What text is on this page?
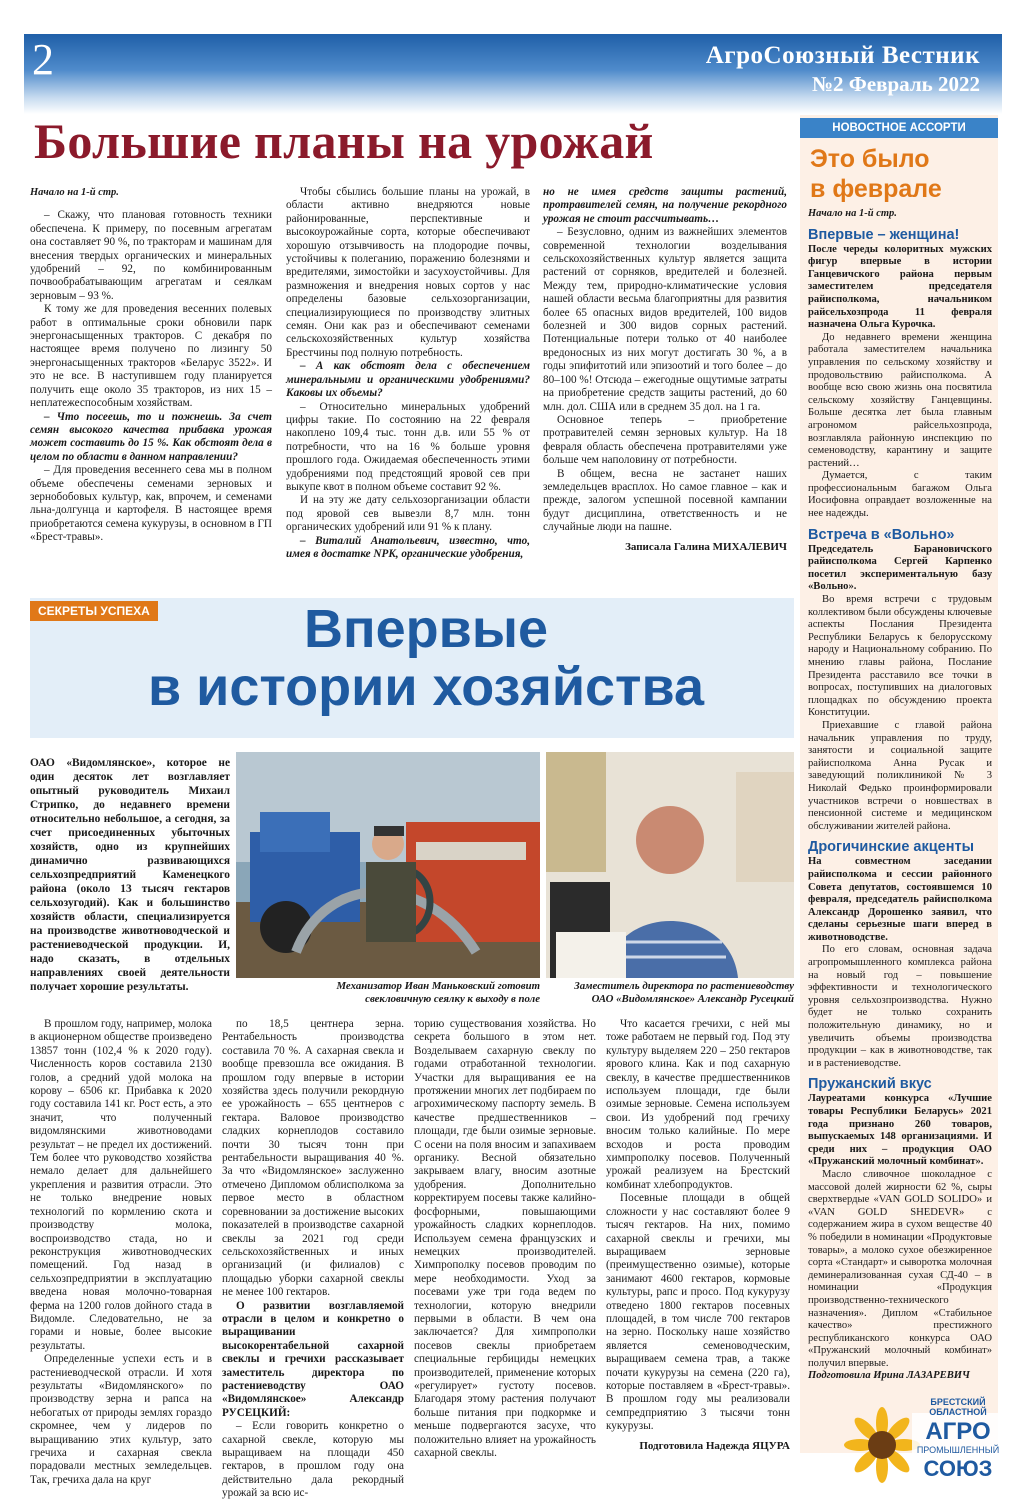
2	АгроСоюзный Вестник
№2 Февраль 2022
Большие планы на урожай

Начало на 1-й стр.

– Скажу, что плановая готовность техники обеспечена. К примеру, по посевным агрегатам она составляет 90 %, по тракторам и машинам для внесения твердых органических и минеральных удобрений – 92, по комбинированным почвообрабатывающим агрегатам и сеялкам зерновым – 93 %.

К тому же для проведения весенних полевых работ в оптимальные сроки обновили парк энергонасыщенных тракторов. С декабря по настоящее время получено по лизингу 50 энергонасыщенных тракторов «Беларус 3522». И это не все. В наступившем году планируется получить еще около 35 тракторов, из них 15 – неплатежеспособным хозяйствам.

– Что посеешь, то и пожнешь. За счет семян высокого качества прибавка урожая может составить до 15 %. Как обстоят дела в целом по области в данном направлении?

– Для проведения весеннего сева мы в полном объеме обеспечены семенами зерновых и зернобобовых культур, как, впрочем, и семенами льна-долгунца и картофеля. В настоящее время приобретаются семена кукурузы, в основном в ГП «Брест-травы».

Чтобы сбылись большие планы на урожай, в области активно внедряются новые районированные, перспективные и высокоурожайные сорта, которые обеспечивают хорошую отзывчивость на плодородие почвы, устойчивы к полеганию, поражению болезнями и вредителями, зимостойки и засухоустойчивы. Для размножения и внедрения новых сортов у нас определены базовые сельхозорганизации, специализирующиеся по производству элитных семян. Они как раз и обеспечивают семенами сельскохозяйственных культур хозяйства Брестчины под полную потребность.

– А как обстоят дела с обеспечением минеральными и органическими удобрениями? Каковы их объемы?

– Относительно минеральных удобрений цифры такие. По состоянию на 22 февраля накоплено 109,4 тыс. тонн д.в. или 55 % от потребности, что на 16 % больше уровня прошлого года. Ожидаемая обеспеченность этими удобрениями под предстоящий яровой сев при выкупе квот в полном объеме составит 92 %.

И на эту же дату сельхозорганизации области под яровой сев вывезли 8,7 млн. тонн органических удобрений или 91 % к плану.

– Виталий Анатольевич, известно, что, имея в достатке NPK, органические удобрения,

но не имея средств защиты растений, протравителей семян, на получение рекордного урожая не стоит рассчитывать…

– Безусловно, одним из важнейших элементов современной технологии возделывания сельскохозяйственных культур является защита растений от сорняков, вредителей и болезней. Между тем, природно-климатические условия нашей области весьма благоприятны для развития более 65 опасных видов вредителей, 100 видов болезней и 300 видов сорных растений. Потенциальные потери только от 40 наиболее вредоносных из них могут достигать 30 %, а в годы эпифитотий или эпизоотий и того более – до 80–100 %! Отсюда – ежегодные ощутимые затраты на приобретение средств защиты растений, до 60 млн. дол. США или в среднем 35 дол. на 1 га.

Основное теперь – приобретение протравителей семян зерновых культур. На 18 февраля область обеспечена протравителями уже больше чем наполовину от потребности.

В общем, весна не застанет наших земледельцев врасплох. Но самое главное – как и прежде, залогом успешной посевной кампании будут дисциплина, ответственность и не случайные люди на пашне.

Записала Галина МИХАЛЕВИЧ
НОВОСТНОЕ АССОРТИ
Это было
в феврале

Начало на 1-й стр.

Впервые – женщина!

После череды колоритных мужских фигур впервые в истории Ганцевичского района первым заместителем председателя райисполкома, начальником райсельхозпрода 11 февраля назначена Ольга Курочка.

До недавнего времени женщина работала заместителем начальника управления по сельскому хозяйству и продовольствию райисполкома. А вообще всю свою жизнь она посвятила сельскому хозяйству Ганцевщины. Больше десятка лет была главным агрономом райсельхозпрода, возглавляла районную инспекцию по семеноводству, карантину и защите растений…

Думается, с таким профессиональным багажом Ольга Иосифовна оправдает возложенные на нее надежды.

Встреча в «Вольно»

Председатель Барановичского райисполкома Сергей Карпенко посетил экспериментальную базу «Вольно».

Во время встречи с трудовым коллективом были обсуждены ключевые аспекты Послания Президента Республики Беларусь к белорусскому народу и Национальному собранию. По мнению главы района, Послание Президента расставило все точки в вопросах, поступивших на диалоговых площадках по обсуждению проекта Конституции.

Приехавшие с главой района начальник управления по труду, занятости и социальной защите райисполкома Анна Русак и заведующий поликлиникой № 3 Николай Федько проинформировали участников встречи о новшествах в пенсионной системе и медицинском обслуживании жителей района.

Дрогичинские акценты

На совместном заседании райисполкома и сессии районного Совета депутатов, состоявшемся 10 февраля, председатель райисполкома Александр Дорошенко заявил, что сделаны серьезные шаги вперед в животноводстве.

По его словам, основная задача агропромышленного комплекса района на новый год – повышение эффективности и технологического уровня сельхозпроизводства. Нужно будет не только сохранить положительную динамику, но и увеличить объемы производства продукции – как в животноводстве, так и в растениеводстве.

Пружанский вкус

Лауреатами конкурса «Лучшие товары Республики Беларусь» 2021 года признано 260 товаров, выпускаемых 148 организациями. И среди них – продукция ОАО «Пружанский молочный комбинат».

Масло сливочное шоколадное с массовой долей жирности 62 %, сыры сверхтвердые «VAN GOLD SOLIDO» и «VAN GOLD SHEDEVR» с содержанием жира в сухом веществе 40 % победили в номинации «Продуктовые товары», а молоко сухое обезжиренное сорта «Стандарт» и сыворотка молочная деминерализованная сухая СД-40 – в номинации «Продукция производственно-технического назначения». Диплом «Стабильное качество» престижного республиканского конкурса ОАО «Пружанский молочный комбинат» получил впервые.

Подготовила Ирина ЛАЗАРЕВИЧ

СЕКРЕТЫ УСПЕХА	Впервые
в истории хозяйства

ОАО «Видомлянское», которое не один десяток лет возглавляет опытный руководитель Михаил Стрипко, до недавнего времени относительно небольшое, а сегодня, за счет присоединенных убыточных хозяйств, одно из крупнейших динамично развивающихся сельхозпредприятий Каменецкого района (около 13 тысяч гектаров сельхозугодий). Как и большинство хозяйств области, специализируется на производстве животноводческой и растениеводческой продукции. И, надо сказать, в отдельных направлениях своей деятельности получает хорошие результаты.	Механизатор Иван Маньковский готовит
свекловичную сеялку к выходу в поле
Заместитель директора по растениеводству
ОАО «Видомлянское» Александр Русецкий

В прошлом году, например, молока в акционерном обществе произведено 13857 тонн (102,4 % к 2020 году). Численность коров составила 2130 голов, а средний удой молока на корову – 6506 кг. Прибавка к 2020 году составила 141 кг. Рост есть, а это значит, что полученный видомлянскими животноводами результат – не предел их достижений. Тем более что руководство хозяйства немало делает для дальнейшего укрепления и развития отрасли. Это не только внедрение новых технологий по кормлению скота и производству молока, воспроизводство стада, но и реконструкция животноводческих помещений. Год назад в сельхозпредприятии в эксплуатацию введена новая молочно-товарная ферма на 1200 голов дойного стада в Видомле. Следовательно, не за горами и новые, более высокие результаты.

Определенные успехи есть и в растениеводческой отрасли. И хотя результаты «Видомлянского» по производству зерна и рапса на небогатых от природы землях гораздо скромнее, чем у лидеров по выращиванию этих культур, зато гречиха и сахарная свекла порадовали местных земледельцев. Так, гречиха дала на круг

по 18,5 центнера зерна. Рентабельность производства составила 70 %. А сахарная свекла и вообще превзошла все ожидания. В прошлом году впервые в истории хозяйства здесь получили рекордную ее урожайность – 655 центнеров с гектара. Валовое производство сладких корнеплодов составило почти 30 тысяч тонн при рентабельности выращивания 40 %. За что «Видомлянское» заслуженно отмечено Дипломом облисполкома за первое место в областном соревновании за достижение высоких показателей в производстве сахарной свеклы за 2021 год среди сельскохозяйственных и иных организаций (и филиалов) с площадью уборки сахарной свеклы не менее 100 гектаров.

О развитии возглавляемой отрасли в целом и конкретно о выращивании высокорентабельной сахарной свеклы и гречихи рассказывает заместитель директора по растениеводству ОАО «Видомлянское» Александр РУСЕЦКИЙ:

– Если говорить конкретно о сахарной свекле, которую мы выращиваем на площади 450 гектаров, в прошлом году она действительно дала рекордный урожай за всю ис-

торию существования хозяйства. Но секрета большого в этом нет. Возделываем сахарную свеклу по годами отработанной технологии. Участки для выращивания ее на протяжении многих лет подбираем по агрохимическому паспорту земель. В качестве предшественников – площади, где были озимые зерновые. С осени на поля вносим и запахиваем органику. Весной обязательно закрываем влагу, вносим азотные удобрения. Дополнительно корректируем посевы также калийно-фосфорными, повышающими урожайность сладких корнеплодов. Используем семена французских и немецких производителей. Химпрополку посевов проводим по мере необходимости. Уход за посевами уже три года ведем по технологии, которую внедрили первыми в области. В чем она заключается? Для химпрополки посевов свеклы приобретаем специальные гербициды немецких производителей, применение которых «регулирует» густоту посевов. Благодаря этому растения получают больше питания при подкормке и меньше подвергаются засухе, что положительно влияет на урожайность сахарной свеклы.

Что касается гречихи, с ней мы тоже работаем не первый год. Под эту культуру выделяем 220 – 250 гектаров ярового клина. Как и под сахарную свеклу, в качестве предшественников используем площади, где были озимые зерновые. Семена используем свои. Из удобрений под гречиху вносим только калийные. По мере всходов и роста проводим химпрополку посевов. Полученный урожай реализуем на Брестский комбинат хлебопродуктов.

Посевные площади в общей сложности у нас составляют более 9 тысяч гектаров. На них, помимо сахарной свеклы и гречихи, мы выращиваем зерновые (преимущественно озимые), которые занимают 4600 гектаров, кормовые культуры, рапс и просо. Под кукурузу отведено 1800 гектаров посевных площадей, в том числе 700 гектаров на зерно. Поскольку наше хозяйство является семеноводческим, выращиваем семена трав, а также почати кукурузы на семена (220 га), которые поставляем в «Брест-травы». В прошлом году мы реализовали семпредприятию 3 тысячи тонн кукурузы.

Подготовила Надежда ЯЦУРА
БРЕСТСКИЙ
ОБЛАСТНОЙ
АГРО
ПРОМЫШЛЕННЫЙ
СОЮЗ
